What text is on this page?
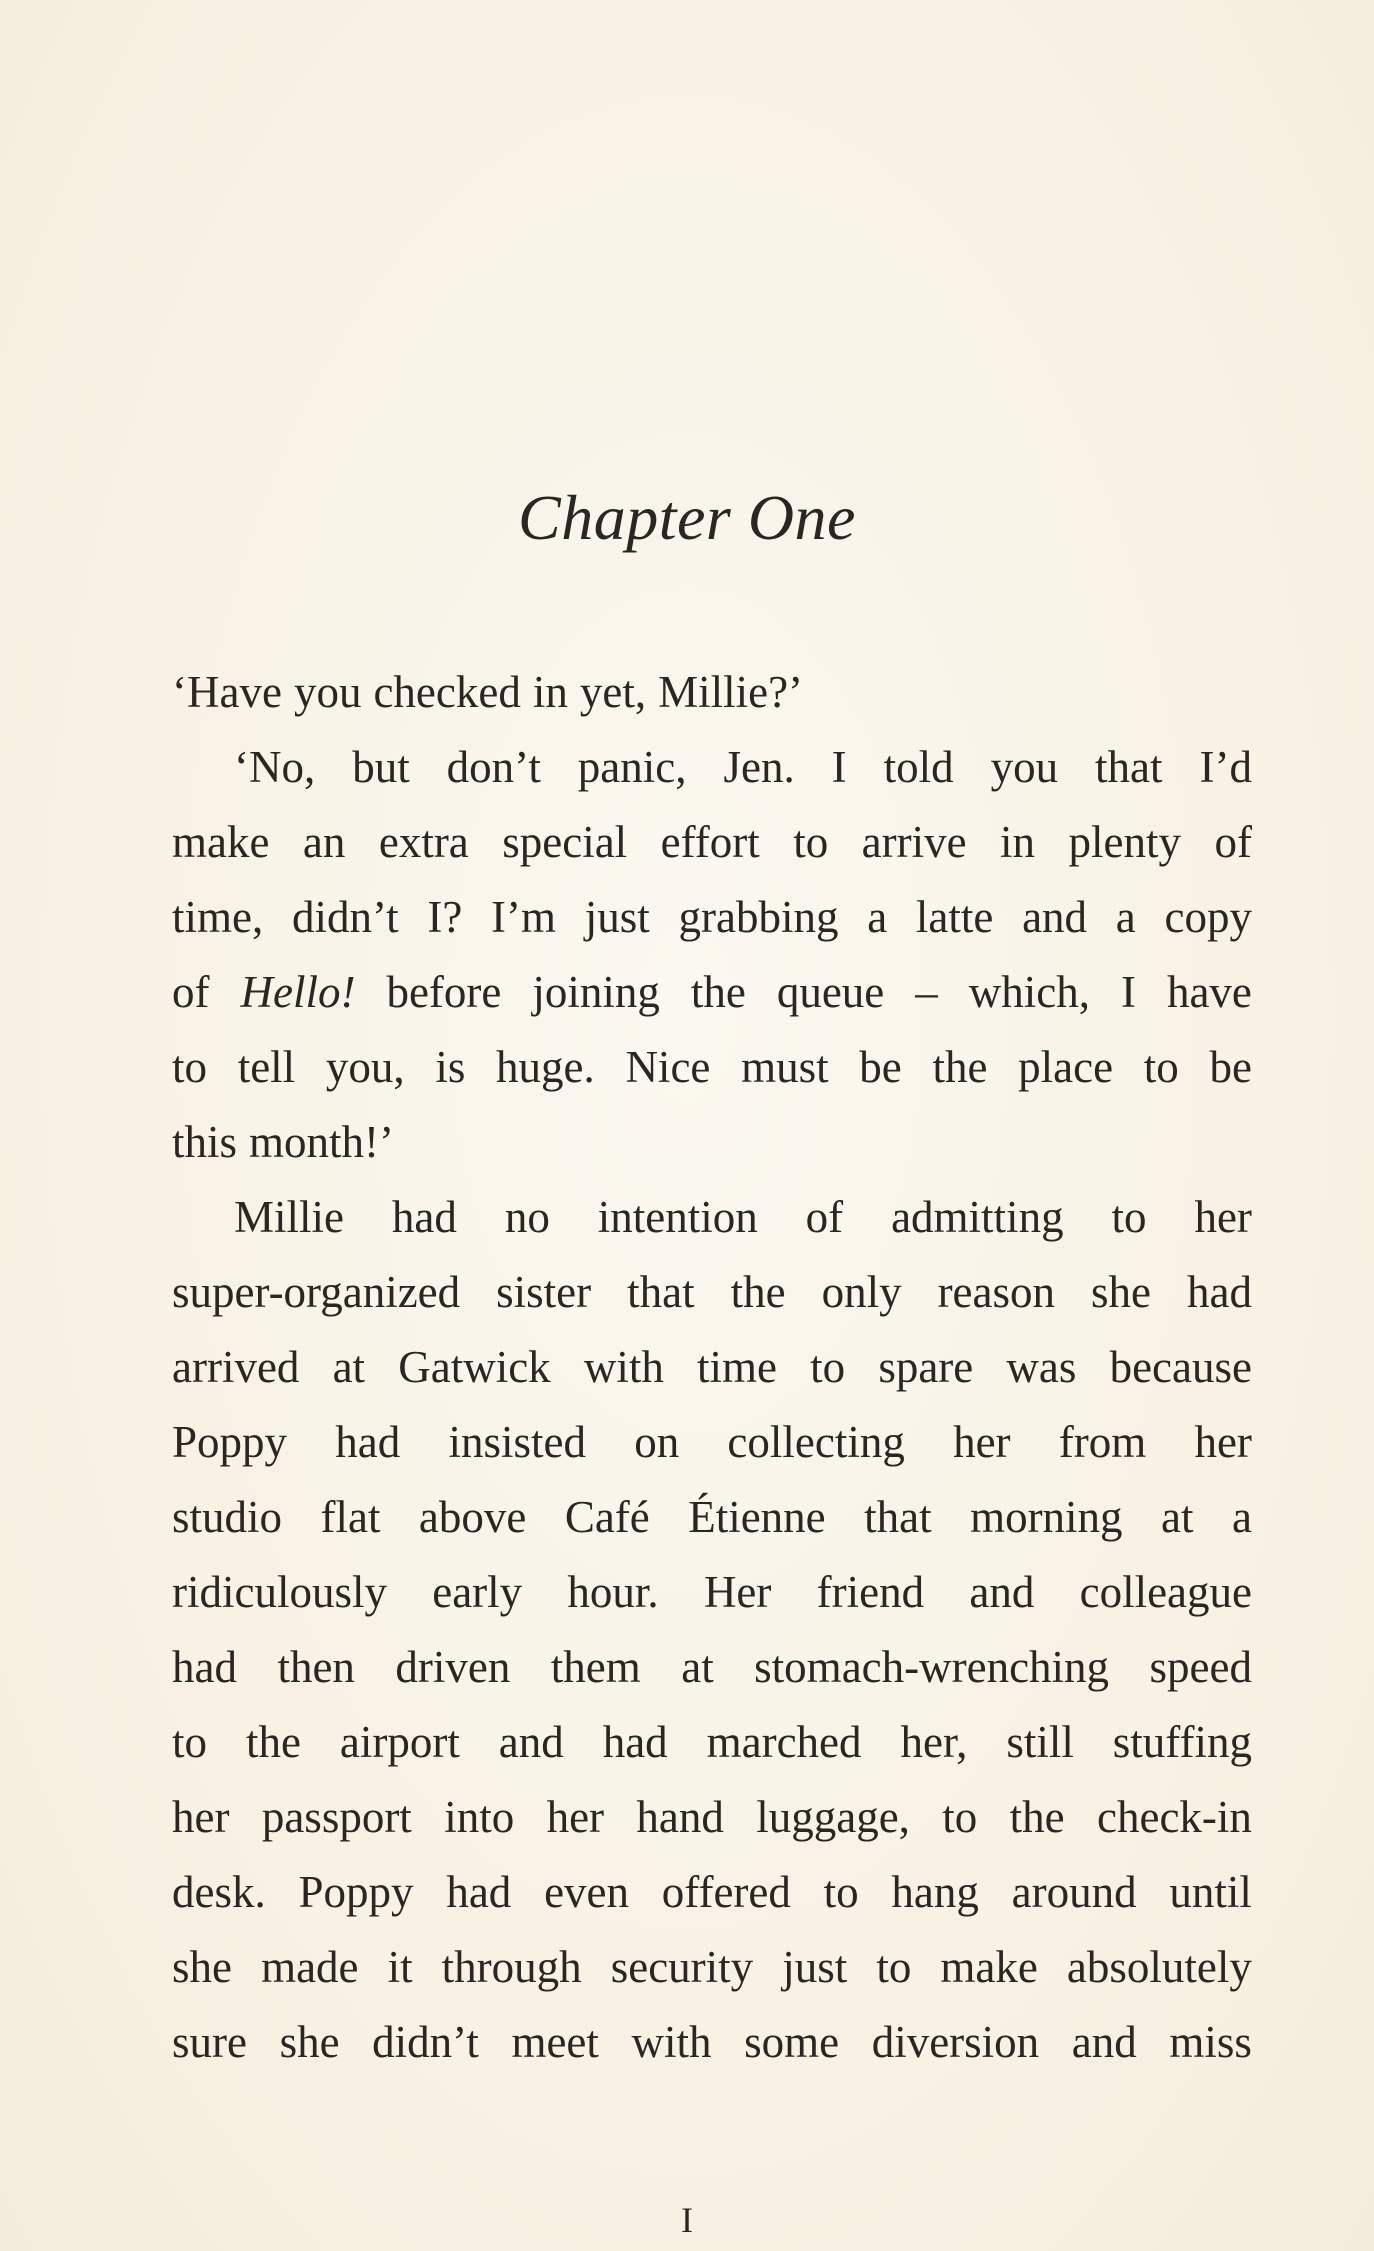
Chapter One
‘Have you checked in yet, Millie?’
‘No, but don’t panic, Jen. I told you that I’d
make an extra special effort to arrive in plenty of
time, didn’t I? I’m just grabbing a latte and a copy
of Hello! before joining the queue – which, I have
to tell you, is huge. Nice must be the place to be
this month!’
Millie had no intention of admitting to her
super-organized sister that the only reason she had
arrived at Gatwick with time to spare was because
Poppy had insisted on collecting her from her
studio flat above Café Étienne that morning at a
ridiculously early hour. Her friend and colleague
had then driven them at stomach-wrenching speed
to the airport and had marched her, still stuffing
her passport into her hand luggage, to the check-in
desk. Poppy had even offered to hang around until
she made it through security just to make absolutely
sure she didn’t meet with some diversion and miss
I
